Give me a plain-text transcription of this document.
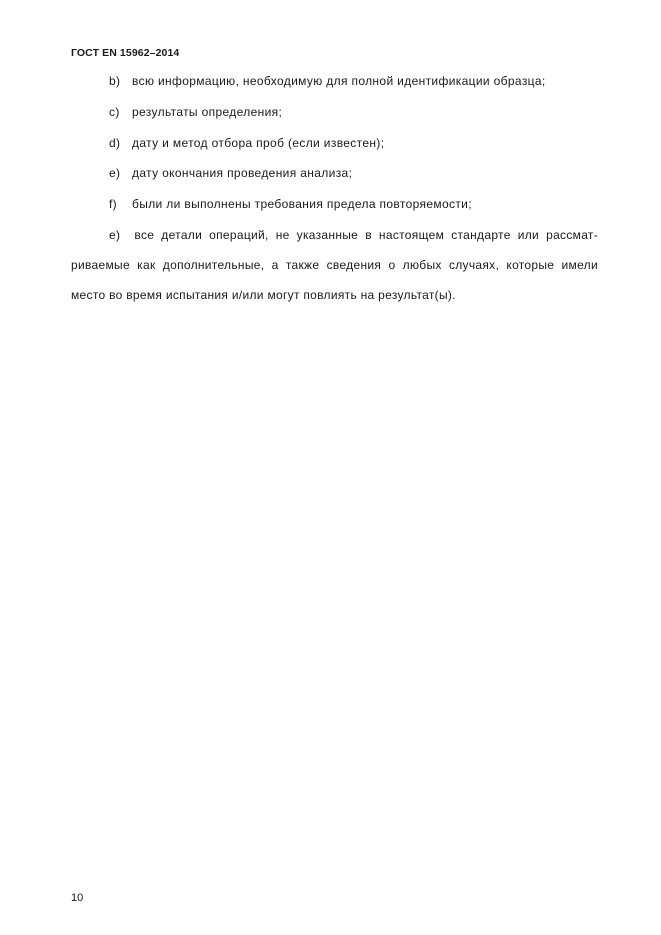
ГОСТ EN 15962–2014
b) всю информацию, необходимую для полной идентификации образца;
c) результаты определения;
d) дату и метод отбора проб (если известен);
e) дату окончания проведения анализа;
f) были ли выполнены требования предела повторяемости;
е) все детали операций, не указанные в настоящем стандарте или рассмат-
риваемые как дополнительные, а также сведения о любых случаях, которые имели
место во время испытания и/или могут повлиять на результат(ы).
10
